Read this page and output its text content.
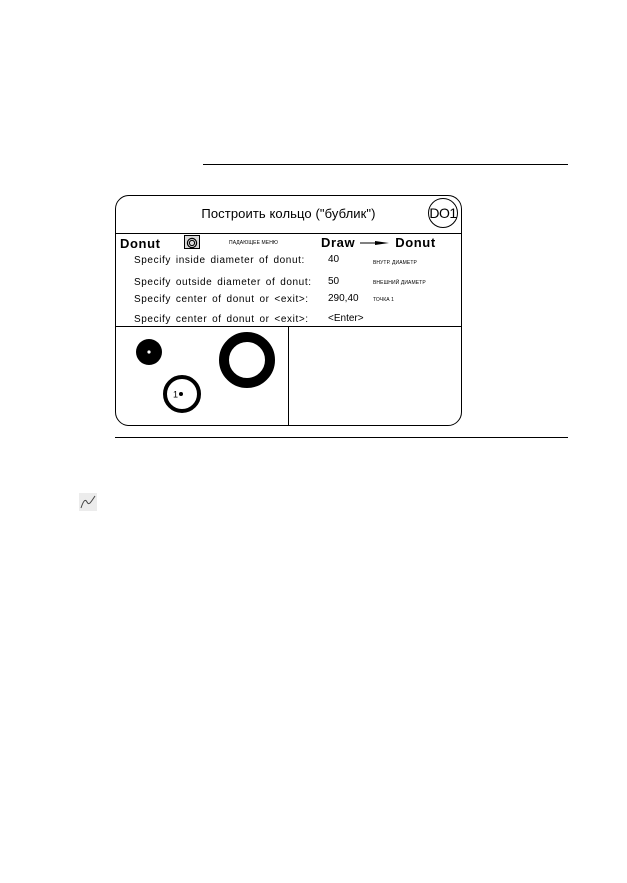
Построить кольцо ("бублик")	DO1
Donut	ПАДАЮЩЕЕ МЕНЮ	Draw	Donut
Specify inside diameter of donut: 40	ВНУТР. ДИАМЕТР
Specify outside diameter of donut: 50	ВНЕШНИЙ ДИАМЕТР
Specify center of donut or <exit>: 290,40	ТОЧКА 1
Specify center of donut or <exit>: <Enter>
1
